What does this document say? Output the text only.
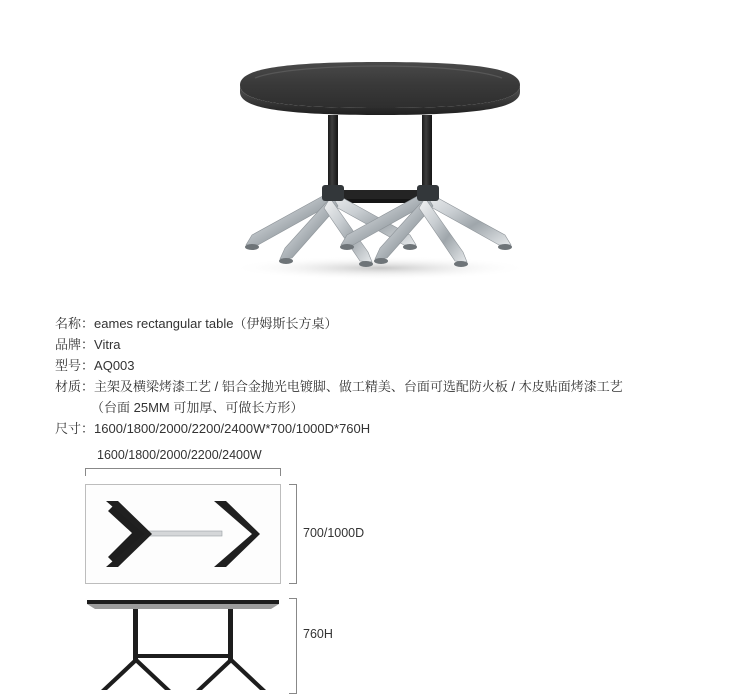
名称：eames rectangular table（伊姆斯长方桌）
品牌：Vitra
型号：AQ003
材质：主架及横梁烤漆工艺 / 铝合金抛光电镀脚、做工精美、台面可选配防火板 / 木皮贴面烤漆工艺
（台面 25MM 可加厚、可做长方形）
尺寸：1600/1800/2000/2200/2400W*700/1000D*760H
1600/1800/2000/2200/2400W
700/1000D
760H
